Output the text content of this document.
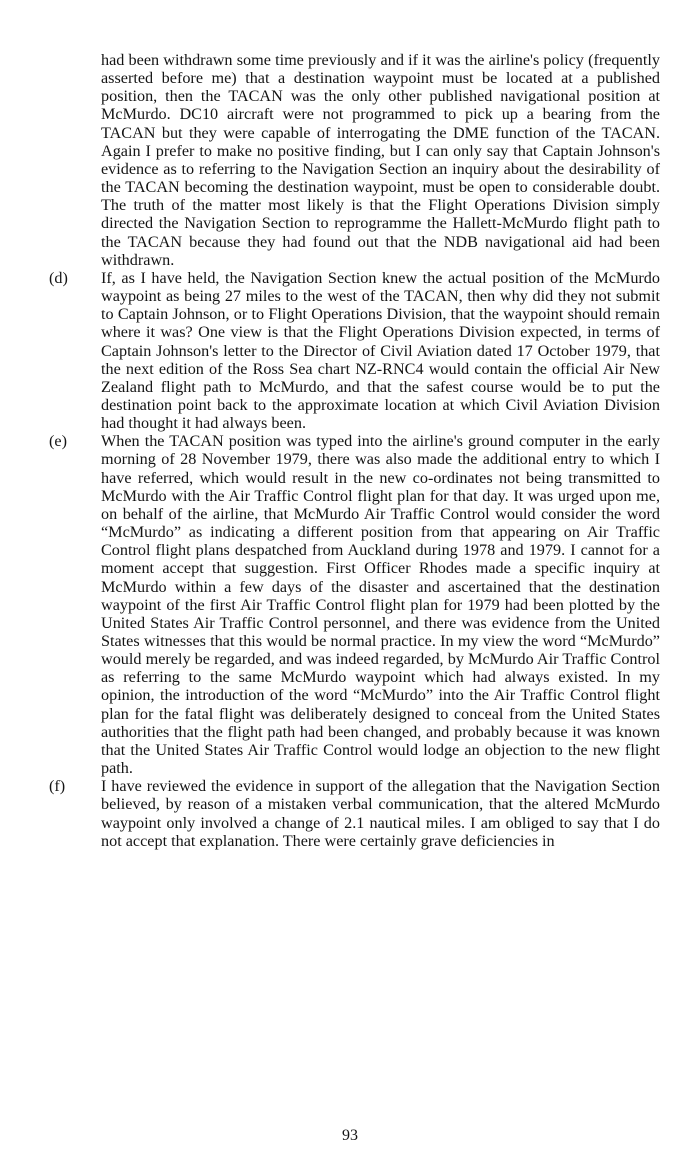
had been withdrawn some time previously and if it was the airline's policy (frequently asserted before me) that a destination waypoint must be located at a published position, then the TACAN was the only other published navigational position at McMurdo. DC10 aircraft were not programmed to pick up a bearing from the TACAN but they were capable of interrogating the DME function of the TACAN. Again I prefer to make no positive finding, but I can only say that Captain Johnson's evidence as to referring to the Navigation Section an inquiry about the desirability of the TACAN becoming the destination waypoint, must be open to considerable doubt. The truth of the matter most likely is that the Flight Operations Division simply directed the Navigation Section to reprogramme the Hallett-McMurdo flight path to the TACAN because they had found out that the NDB navigational aid had been withdrawn.

(d) If, as I have held, the Navigation Section knew the actual position of the McMurdo waypoint as being 27 miles to the west of the TACAN, then why did they not submit to Captain Johnson, or to Flight Operations Division, that the waypoint should remain where it was? One view is that the Flight Operations Division expected, in terms of Captain Johnson's letter to the Director of Civil Aviation dated 17 October 1979, that the next edition of the Ross Sea chart NZ-RNC4 would contain the official Air New Zealand flight path to McMurdo, and that the safest course would be to put the destination point back to the approximate location at which Civil Aviation Division had thought it had always been.

(e) When the TACAN position was typed into the airline's ground computer in the early morning of 28 November 1979, there was also made the additional entry to which I have referred, which would result in the new co-ordinates not being transmitted to McMurdo with the Air Traffic Control flight plan for that day. It was urged upon me, on behalf of the airline, that McMurdo Air Traffic Control would consider the word “McMurdo” as indicating a different position from that appearing on Air Traffic Control flight plans despatched from Auckland during 1978 and 1979. I cannot for a moment accept that suggestion. First Officer Rhodes made a specific inquiry at McMurdo within a few days of the disaster and ascertained that the destination waypoint of the first Air Traffic Control flight plan for 1979 had been plotted by the United States Air Traffic Control personnel, and there was evidence from the United States witnesses that this would be normal practice. In my view the word “McMurdo” would merely be regarded, and was indeed regarded, by McMurdo Air Traffic Control as referring to the same McMurdo waypoint which had always existed. In my opinion, the introduction of the word “McMurdo” into the Air Traffic Control flight plan for the fatal flight was deliberately designed to conceal from the United States authorities that the flight path had been changed, and probably because it was known that the United States Air Traffic Control would lodge an objection to the new flight path.

(f) I have reviewed the evidence in support of the allegation that the Navigation Section believed, by reason of a mistaken verbal communication, that the altered McMurdo waypoint only involved a change of 2.1 nautical miles. I am obliged to say that I do not accept that explanation. There were certainly grave deficiencies in

93
